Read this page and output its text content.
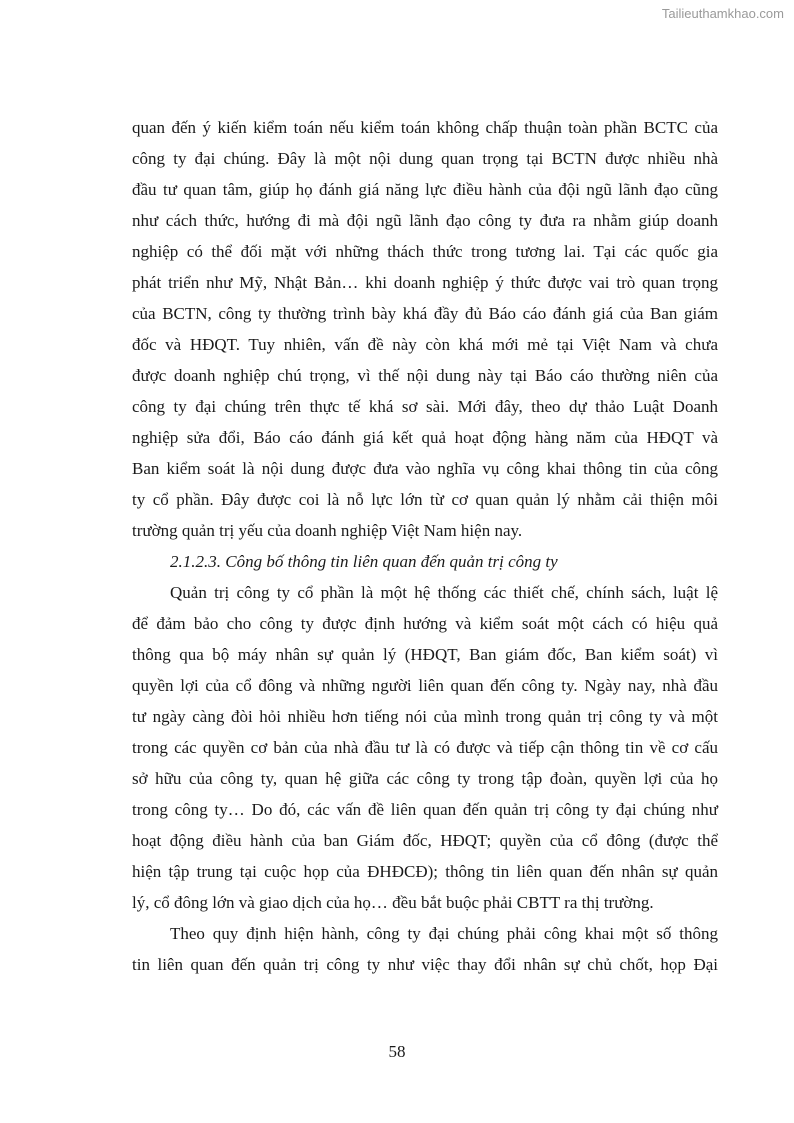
Tailieuthamkhao.com
quan đến ý kiến kiểm toán nếu kiểm toán không chấp thuận toàn phần BCTC của
công ty đại chúng. Đây là một nội dung quan trọng tại BCTN được nhiều nhà
đầu tư quan tâm, giúp họ đánh giá năng lực điều hành của đội ngũ lãnh đạo cũng
như cách thức, hướng đi mà đội ngũ lãnh đạo công ty đưa ra nhằm giúp doanh
nghiệp có thể đối mặt với những thách thức trong tương lai. Tại các quốc gia
phát triển như Mỹ, Nhật Bản… khi doanh nghiệp ý thức được vai trò quan trọng
của BCTN, công ty thường trình bày khá đầy đủ Báo cáo đánh giá của Ban giám
đốc và HĐQT. Tuy nhiên, vấn đề này còn khá mới mẻ tại Việt Nam và chưa
được doanh nghiệp chú trọng, vì thế nội dung này tại Báo cáo thường niên của
công ty đại chúng trên thực tế khá sơ sài. Mới đây, theo dự thảo Luật Doanh
nghiệp sửa đổi, Báo cáo đánh giá kết quả hoạt động hàng năm của HĐQT và
Ban kiểm soát là nội dung được đưa vào nghĩa vụ công khai thông tin của công
ty cổ phần. Đây được coi là nỗ lực lớn từ cơ quan quản lý nhằm cải thiện môi
trường quản trị yếu của doanh nghiệp Việt Nam hiện nay.
2.1.2.3. Công bố thông tin liên quan đến quản trị công ty
Quản trị công ty cổ phần là một hệ thống các thiết chế, chính sách, luật lệ
để đảm bảo cho công ty được định hướng và kiểm soát một cách có hiệu quả
thông qua bộ máy nhân sự quản lý (HĐQT, Ban giám đốc, Ban kiểm soát) vì
quyền lợi của cổ đông và những người liên quan đến công ty. Ngày nay, nhà đầu
tư ngày càng đòi hỏi nhiều hơn tiếng nói của mình trong quản trị công ty và một
trong các quyền cơ bản của nhà đầu tư là có được và tiếp cận thông tin về cơ cấu
sở hữu của công ty, quan hệ giữa các công ty trong tập đoàn, quyền lợi của họ
trong công ty… Do đó, các vấn đề liên quan đến quản trị công ty đại chúng như
hoạt động điều hành của ban Giám đốc, HĐQT; quyền của cổ đông (được thể
hiện tập trung tại cuộc họp của ĐHĐCĐ); thông tin liên quan đến nhân sự quản
lý, cổ đông lớn và giao dịch của họ… đều bắt buộc phải CBTT ra thị trường.
Theo quy định hiện hành, công ty đại chúng phải công khai một số thông
tin liên quan đến quản trị công ty như việc thay đổi nhân sự chủ chốt, họp Đại
58
